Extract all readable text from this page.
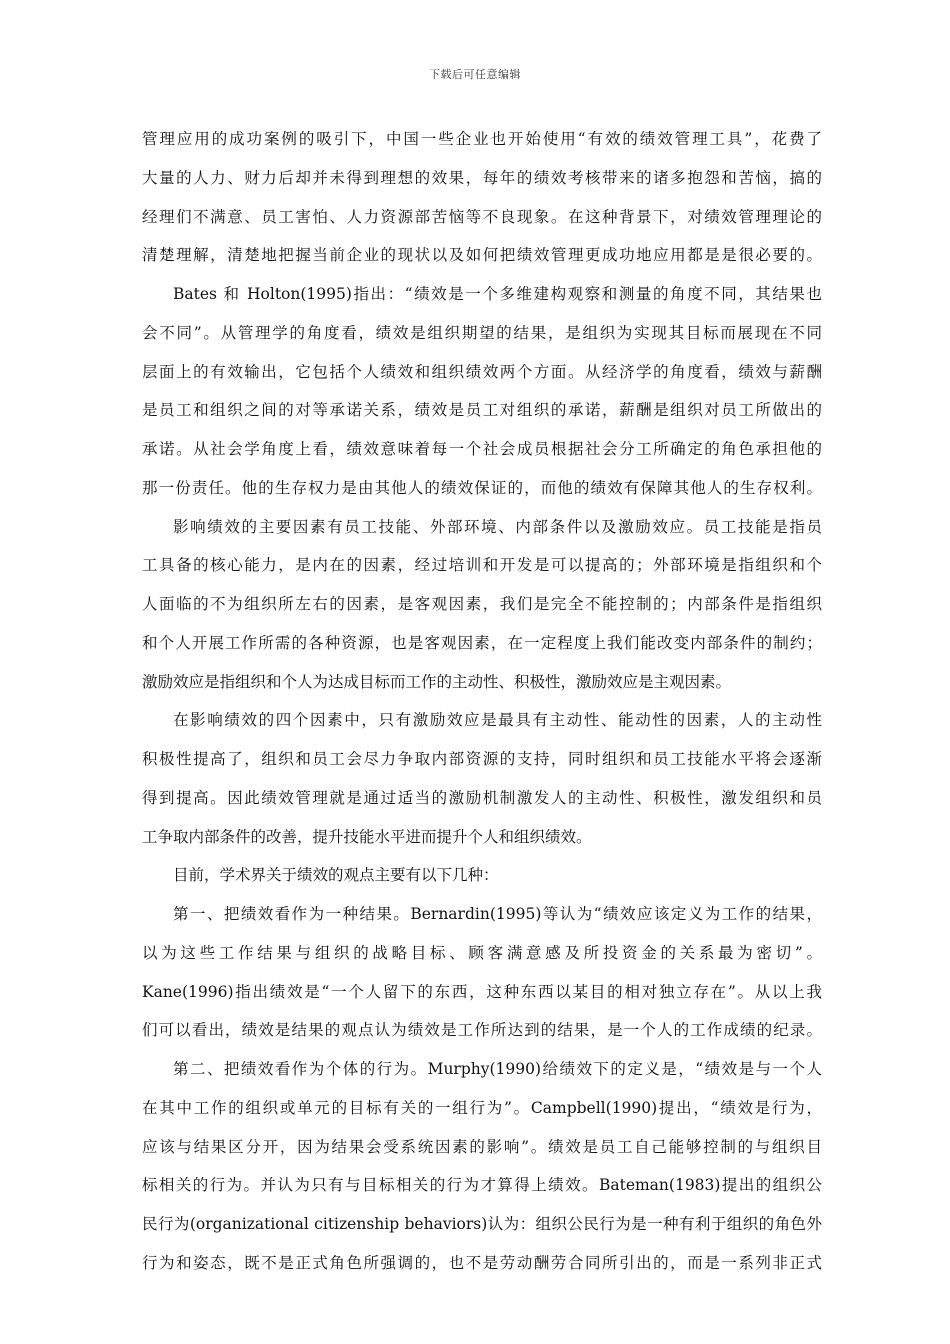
下载后可任意编辑
管理应用的成功案例的吸引下，中国一些企业也开始使用“有效的绩效管理工具”，花费了
大量的人力、财力后却并未得到理想的效果，每年的绩效考核带来的诸多抱怨和苦恼，搞的
经理们不满意、员工害怕、人力资源部苦恼等不良现象。在这种背景下，对绩效管理理论的
清楚理解，清楚地把握当前企业的现状以及如何把绩效管理更成功地应用都是是很必要的。
Bates 和 Holton(1995)指出：“绩效是一个多维建构观察和测量的角度不同，其结果也
会不同”。从管理学的角度看，绩效是组织期望的结果，是组织为实现其目标而展现在不同
层面上的有效输出，它包括个人绩效和组织绩效两个方面。从经济学的角度看，绩效与薪酬
是员工和组织之间的对等承诺关系，绩效是员工对组织的承诺，薪酬是组织对员工所做出的
承诺。从社会学角度上看，绩效意味着每一个社会成员根据社会分工所确定的角色承担他的
那一份责任。他的生存权力是由其他人的绩效保证的，而他的绩效有保障其他人的生存权利。
影响绩效的主要因素有员工技能、外部环境、内部条件以及激励效应。员工技能是指员
工具备的核心能力，是内在的因素，经过培训和开发是可以提高的；外部环境是指组织和个
人面临的不为组织所左右的因素，是客观因素，我们是完全不能控制的；内部条件是指组织
和个人开展工作所需的各种资源，也是客观因素，在一定程度上我们能改变内部条件的制约；
激励效应是指组织和个人为达成目标而工作的主动性、积极性，激励效应是主观因素。
在影响绩效的四个因素中，只有激励效应是最具有主动性、能动性的因素，人的主动性
积极性提高了，组织和员工会尽力争取内部资源的支持，同时组织和员工技能水平将会逐渐
得到提高。因此绩效管理就是通过适当的激励机制激发人的主动性、积极性，激发组织和员
工争取内部条件的改善，提升技能水平进而提升个人和组织绩效。
目前，学术界关于绩效的观点主要有以下几种：
第一、把绩效看作为一种结果。Bernardin(1995)等认为“绩效应该定义为工作的结果，
以为这些工作结果与组织的战略目标、顾客满意感及所投资金的关系最为密切”。
Kane(1996)指出绩效是“一个人留下的东西，这种东西以某目的相对独立存在”。从以上我
们可以看出，绩效是结果的观点认为绩效是工作所达到的结果，是一个人的工作成绩的纪录。
第二、把绩效看作为个体的行为。Murphy(1990)给绩效下的定义是，“绩效是与一个人
在其中工作的组织或单元的目标有关的一组行为”。Campbell(1990)提出，“绩效是行为，
应该与结果区分开，因为结果会受系统因素的影响”。绩效是员工自己能够控制的与组织目
标相关的行为。并认为只有与目标相关的行为才算得上绩效。Bateman(1983)提出的组织公
民行为(organizational citizenship behaviors)认为：组织公民行为是一种有利于组织的角色外
行为和姿态，既不是正式角色所强调的，也不是劳动酬劳合同所引出的，而是一系列非正式
